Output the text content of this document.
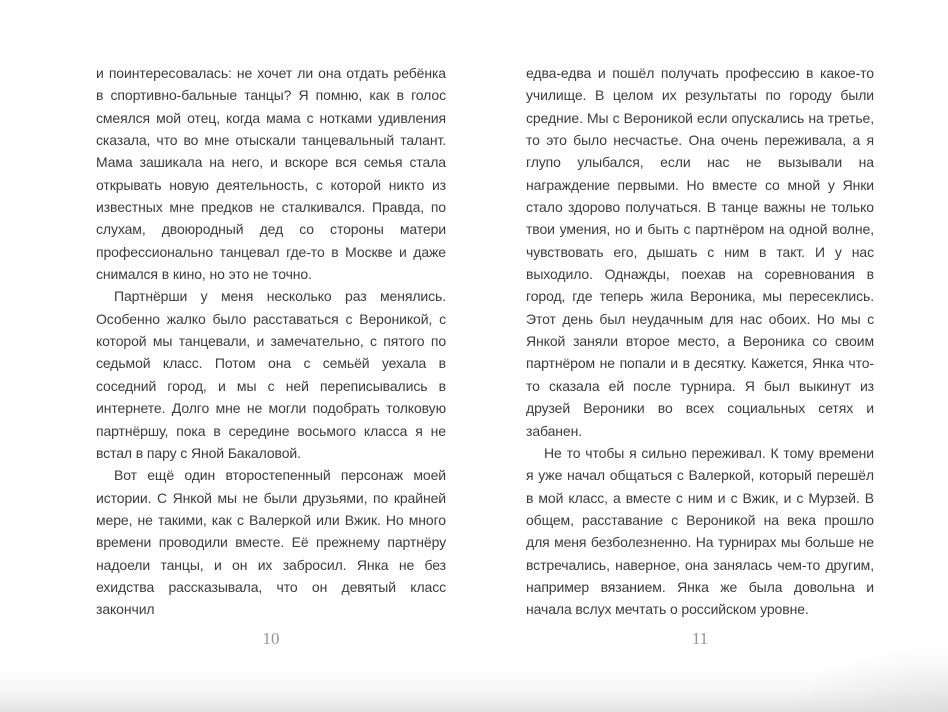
и поинтересовалась: не хочет ли она отдать ребёнка в спортивно-бальные танцы? Я помню, как в голос смеялся мой отец, когда мама с нотками удивления сказала, что во мне отыскали танцевальный талант. Мама зашикала на него, и вскоре вся семья стала открывать новую деятельность, с которой никто из известных мне предков не сталкивался. Правда, по слухам, двоюродный дед со стороны матери профессионально танцевал где-то в Москве и даже снимался в кино, но это не точно.

Партнёрши у меня несколько раз менялись. Особенно жалко было расставаться с Вероникой, с которой мы танцевали, и замечательно, с пятого по седьмой класс. Потом она с семьёй уехала в соседний город, и мы с ней переписывались в интернете. Долго мне не могли подобрать толковую партнёршу, пока в середине восьмого класса я не встал в пару с Яной Бакаловой.

Вот ещё один второстепенный персонаж моей истории. С Янкой мы не были друзьями, по крайней мере, не такими, как с Валеркой или Вжик. Но много времени проводили вместе. Её прежнему партнёру надоели танцы, и он их забросил. Янка не без ехидства рассказывала, что он девятый класс закончил

10

едва-едва и пошёл получать профессию в какое-то училище. В целом их результаты по городу были средние. Мы с Вероникой если опускались на третье, то это было несчастье. Она очень переживала, а я глупо улыбался, если нас не вызывали на награждение первыми. Но вместе со мной у Янки стало здорово получаться. В танце важны не только твои умения, но и быть с партнёром на одной волне, чувствовать его, дышать с ним в такт. И у нас выходило. Однажды, поехав на соревнования в город, где теперь жила Вероника, мы пересеклись. Этот день был неудачным для нас обоих. Но мы с Янкой заняли второе место, а Вероника со своим партнёром не попали и в десятку. Кажется, Янка что-то сказала ей после турнира. Я был выкинут из друзей Вероники во всех социальных сетях и забанен.

Не то чтобы я сильно переживал. К тому времени я уже начал общаться с Валеркой, который перешёл в мой класс, а вместе с ним и с Вжик, и с Мурзей. В общем, расставание с Вероникой на века прошло для меня безболезненно. На турнирах мы больше не встречались, наверное, она занялась чем-то другим, например вязанием. Янка же была довольна и начала вслух мечтать о российском уровне.

11
